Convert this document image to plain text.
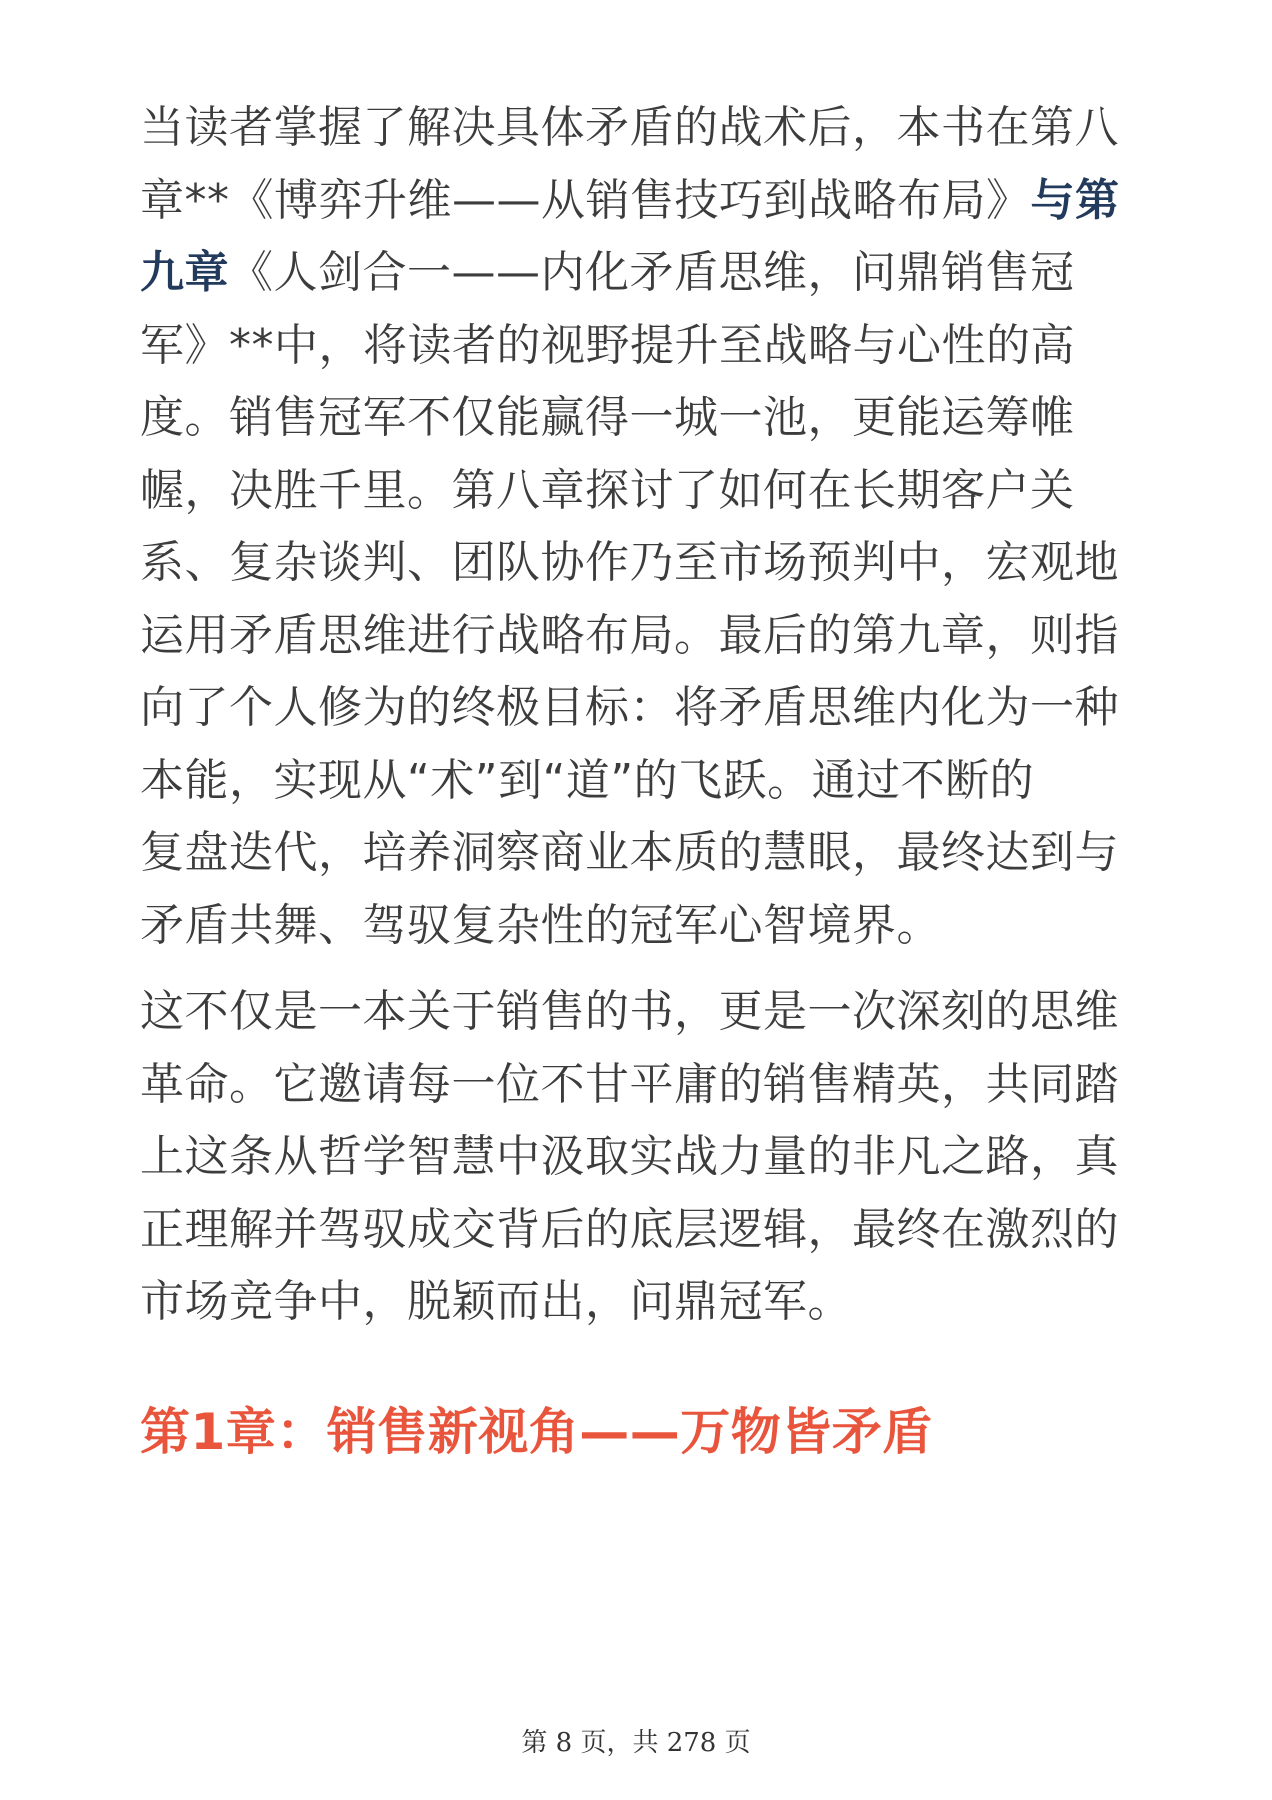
当读者掌握了解决具体矛盾的战术后，本书在第八
章**《博弈升维——从销售技巧到战略布局》与第
九章《人剑合一——内化矛盾思维，问鼎销售冠
军》**中，将读者的视野提升至战略与心性的高
度。销售冠军不仅能赢得一城一池，更能运筹帷
幄，决胜千里。第八章探讨了如何在长期客户关
系、复杂谈判、团队协作乃至市场预判中，宏观地
运用矛盾思维进行战略布局。最后的第九章，则指
向了个人修为的终极目标：将矛盾思维内化为一种
本能，实现从“术”到“道”的飞跃。通过不断的
复盘迭代，培养洞察商业本质的慧眼，最终达到与
矛盾共舞、驾驭复杂性的冠军心智境界。

这不仅是一本关于销售的书，更是一次深刻的思维
革命。它邀请每一位不甘平庸的销售精英，共同踏
上这条从哲学智慧中汲取实战力量的非凡之路，真
正理解并驾驭成交背后的底层逻辑，最终在激烈的
市场竞争中，脱颖而出，问鼎冠军。

第1章：销售新视角——万物皆矛盾
第 8 页，共 278 页
